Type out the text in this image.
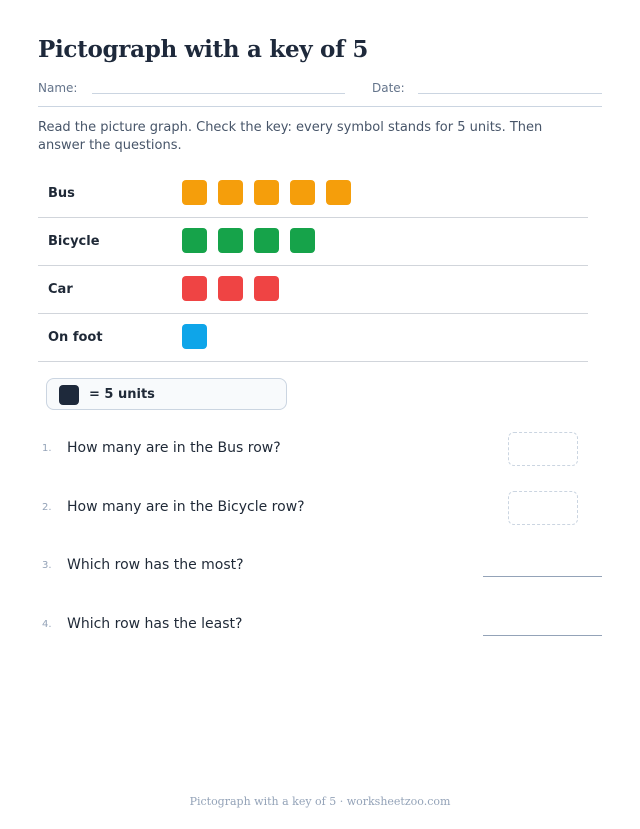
Pictograph with a key of 5
Name:	Date:

Read the picture graph. Check the key: every symbol stands for 5 units. Then answer the questions.

Bus
Bicycle
Car
On foot
= 5 units
1. How many are in the Bus row?
2. How many are in the Bicycle row?
3. Which row has the most?
4. Which row has the least?
Pictograph with a key of 5 · worksheetzoo.com
